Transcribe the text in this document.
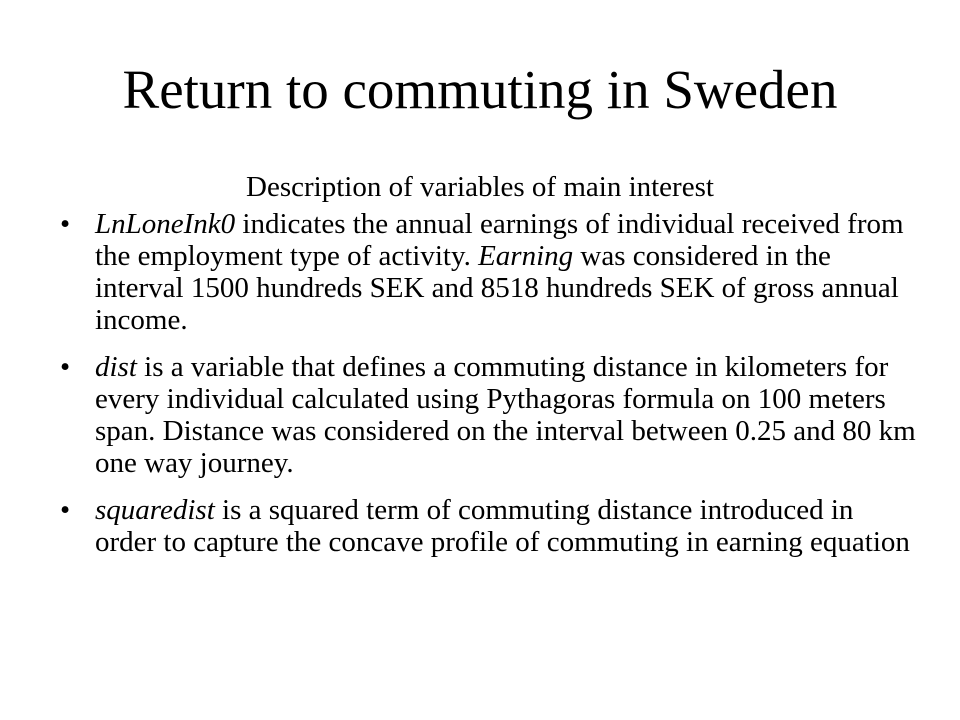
Return to commuting in Sweden
Description of variables of main interest
• LnLoneInk0 indicates the annual earnings of individual received from the employment type of activity. Earning was considered in the interval 1500 hundreds SEK and 8518 hundreds SEK of gross annual income.
• dist is a variable that defines a commuting distance in kilometers for every individual calculated using Pythagoras formula on 100 meters span. Distance was considered on the interval between 0.25 and 80 km one way journey.
• squaredist is a squared term of commuting distance introduced in order to capture the concave profile of commuting in earning equation
